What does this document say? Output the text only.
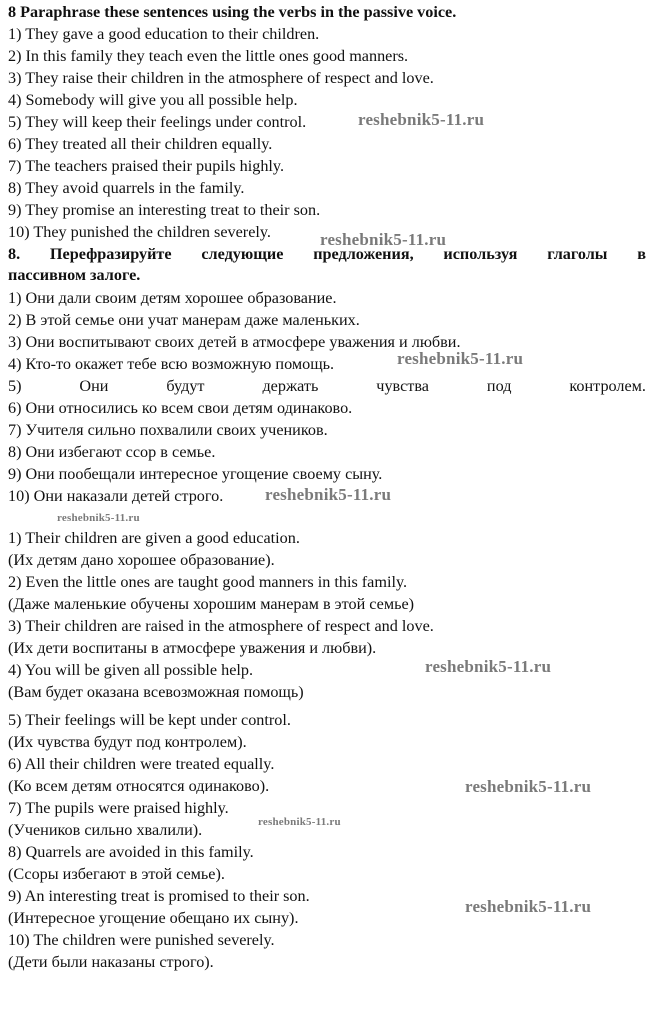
8 Paraphrase these sentences using the verbs in the passive voice.
1) They gave a good education to their children.
2) In this family they teach even the little ones good manners.
3) They raise their children in the atmosphere of respect and love.
4) Somebody will give you all possible help.
5) They will keep their feelings under control.
6) They treated all their children equally.
7) The teachers praised their pupils highly.
8) They avoid quarrels in the family.
9) They promise an interesting treat to their son.
10) They punished the children severely.
8. Перефразируйте следующие предложения, используя глаголы в
пассивном залоге.
1) Они дали своим детям хорошее образование.
2) В этой семье они учат манерам даже маленьких.
3) Они воспитывают своих детей в атмосфере уважения и любви.
4) Кто-то окажет тебе всю возможную помощь.
5)	Они	будут	держать	чувства	под	контролем.
6) Они относились ко всем свои детям одинаково.
7) Учителя сильно похвалили своих учеников.
8) Они избегают ссор в семье.
9) Они пообещали интересное угощение своему сыну.
10) Они наказали детей строго.
1) Their children are given a good education.
(Их детям дано хорошее образование).
2) Even the little ones are taught good manners in this family.
(Даже маленькие обучены хорошим манерам в этой семье)
3) Their children are raised in the atmosphere of respect and love.
(Их дети воспитаны в атмосфере уважения и любви).
4) You will be given all possible help.
(Вам будет оказана всевозможная помощь)
5) Their feelings will be kept under control.
(Их чувства будут под контролем).
6) All their children were treated equally.
(Ко всем детям относятся одинаково).
7) The pupils were praised highly.
(Учеников сильно хвалили).
8) Quarrels are avoided in this family.
(Ссоры избегают в этой семье).
9) An interesting treat is promised to their son.
(Интересное угощение обещано их сыну).
10) The children were punished severely.
(Дети были наказаны строго).
reshebnik5-11.ru
reshebnik5-11.ru
reshebnik5-11.ru
reshebnik5-11.ru
reshebnik5-11.ru
reshebnik5-11.ru
reshebnik5-11.ru
reshebnik5-11.ru
reshebnik5-11.ru
